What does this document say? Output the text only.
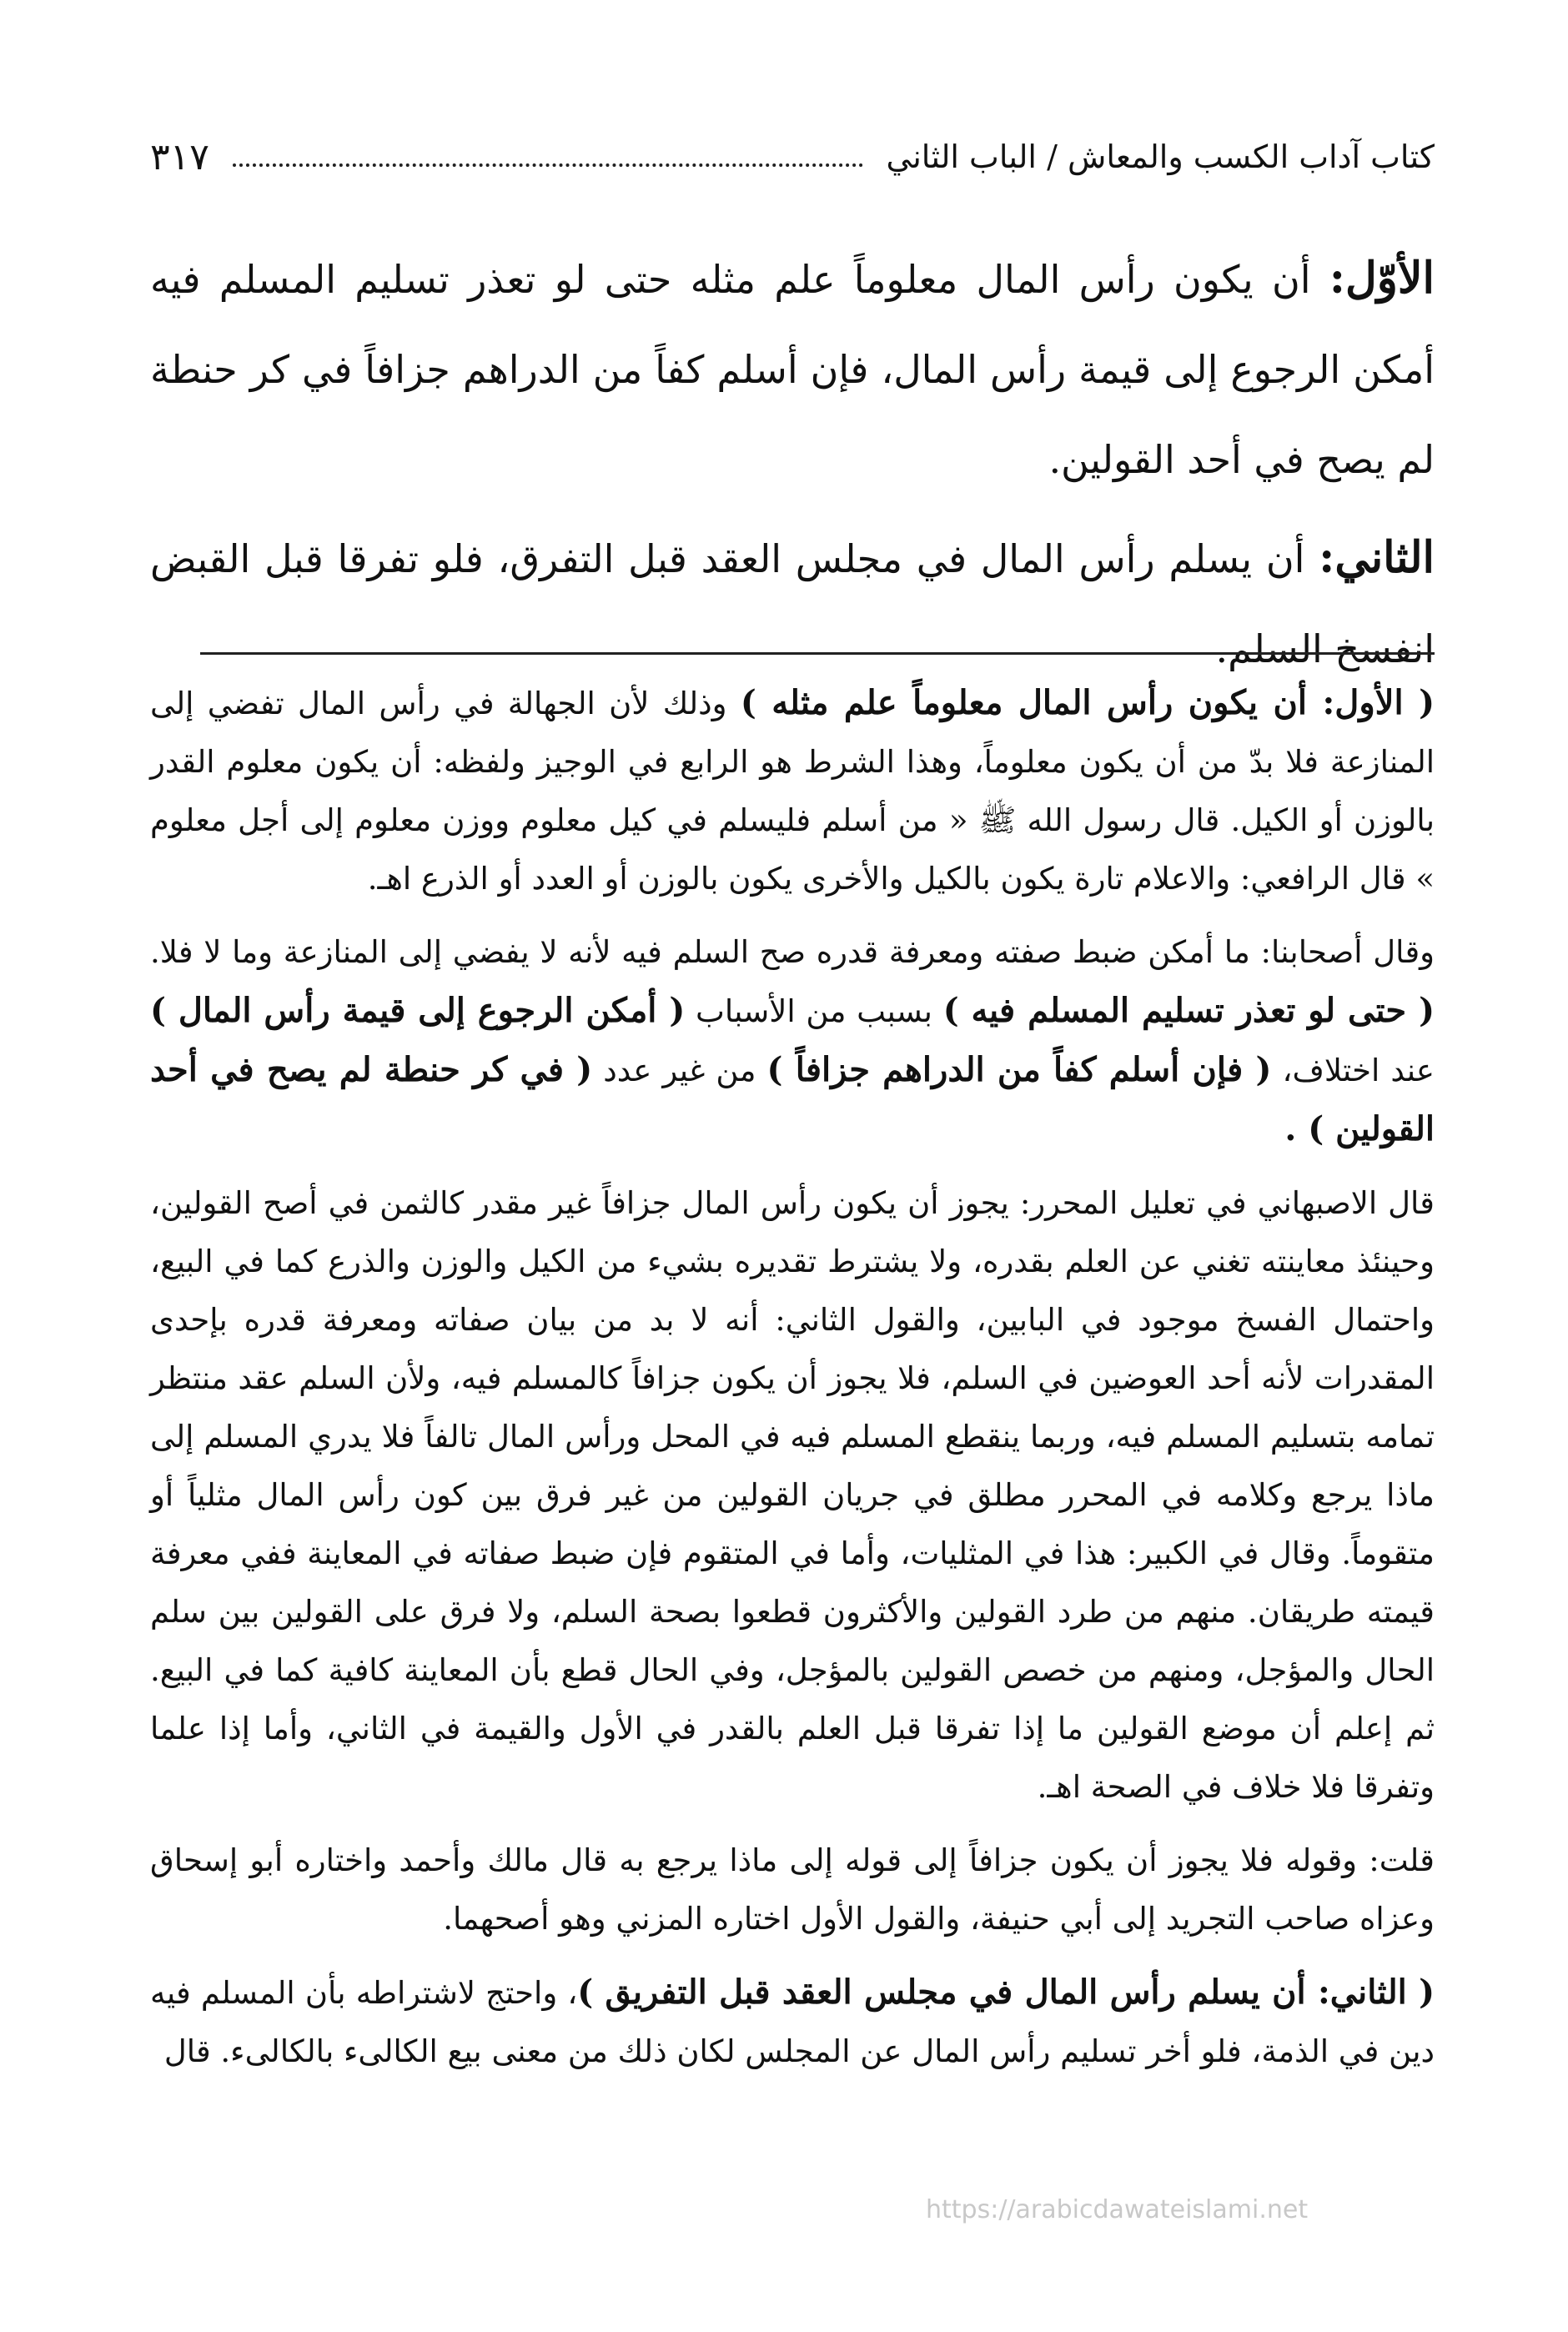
كتاب آداب الكسب والمعاش / الباب الثاني
٣١٧

الأوّل: أن يكون رأس المال معلوماً علم مثله حتى لو تعذر تسليم المسلم فيه أمكن الرجوع إلى قيمة رأس المال، فإن أسلم كفاً من الدراهم جزافاً في كر حنطة لم يصح في أحد القولين.

الثاني: أن يسلم رأس المال في مجلس العقد قبل التفرق، فلو تفرقا قبل القبض انفسخ السلم.

( الأول: أن يكون رأس المال معلوماً علم مثله ) وذلك لأن الجهالة في رأس المال تفضي إلى المنازعة فلا بدّ من أن يكون معلوماً، وهذا الشرط هو الرابع في الوجيز ولفظه: أن يكون معلوم القدر بالوزن أو الكيل. قال رسول الله ﷺ « من أسلم فليسلم في كيل معلوم ووزن معلوم إلى أجل معلوم » قال الرافعي: والاعلام تارة يكون بالكيل والأخرى يكون بالوزن أو العدد أو الذرع اهـ.

وقال أصحابنا: ما أمكن ضبط صفته ومعرفة قدره صح السلم فيه لأنه لا يفضي إلى المنازعة وما لا فلا. ( حتى لو تعذر تسليم المسلم فيه ) بسبب من الأسباب ( أمكن الرجوع إلى قيمة رأس المال ) عند اختلاف، ( فإن أسلم كفاً من الدراهم جزافاً ) من غير عدد ( في كر حنطة لم يصح في أحد القولين ) .

قال الاصبهاني في تعليل المحرر: يجوز أن يكون رأس المال جزافاً غير مقدر كالثمن في أصح القولين، وحينئذ معاينته تغني عن العلم بقدره، ولا يشترط تقديره بشيء من الكيل والوزن والذرع كما في البيع، واحتمال الفسخ موجود في البابين، والقول الثاني: أنه لا بد من بيان صفاته ومعرفة قدره بإحدى المقدرات لأنه أحد العوضين في السلم، فلا يجوز أن يكون جزافاً كالمسلم فيه، ولأن السلم عقد منتظر تمامه بتسليم المسلم فيه، وربما ينقطع المسلم فيه في المحل ورأس المال تالفاً فلا يدري المسلم إلى ماذا يرجع وكلامه في المحرر مطلق في جريان القولين من غير فرق بين كون رأس المال مثلياً أو متقوماً. وقال في الكبير: هذا في المثليات، وأما في المتقوم فإن ضبط صفاته في المعاينة ففي معرفة قيمته طريقان. منهم من طرد القولين والأكثرون قطعوا بصحة السلم، ولا فرق على القولين بين سلم الحال والمؤجل، ومنهم من خصص القولين بالمؤجل، وفي الحال قطع بأن المعاينة كافية كما في البيع. ثم إعلم أن موضع القولين ما إذا تفرقا قبل العلم بالقدر في الأول والقيمة في الثاني، وأما إذا علما وتفرقا فلا خلاف في الصحة اهـ.

قلت: وقوله فلا يجوز أن يكون جزافاً إلى قوله إلى ماذا يرجع به قال مالك وأحمد واختاره أبو إسحاق وعزاه صاحب التجريد إلى أبي حنيفة، والقول الأول اختاره المزني وهو أصحهما.

( الثاني: أن يسلم رأس المال في مجلس العقد قبل التفريق )، واحتج لاشتراطه بأن المسلم فيه دين في الذمة، فلو أخر تسليم رأس المال عن المجلس لكان ذلك من معنى بيع الكالىء بالكالىء. قال

https://arabicdawateislami.net
